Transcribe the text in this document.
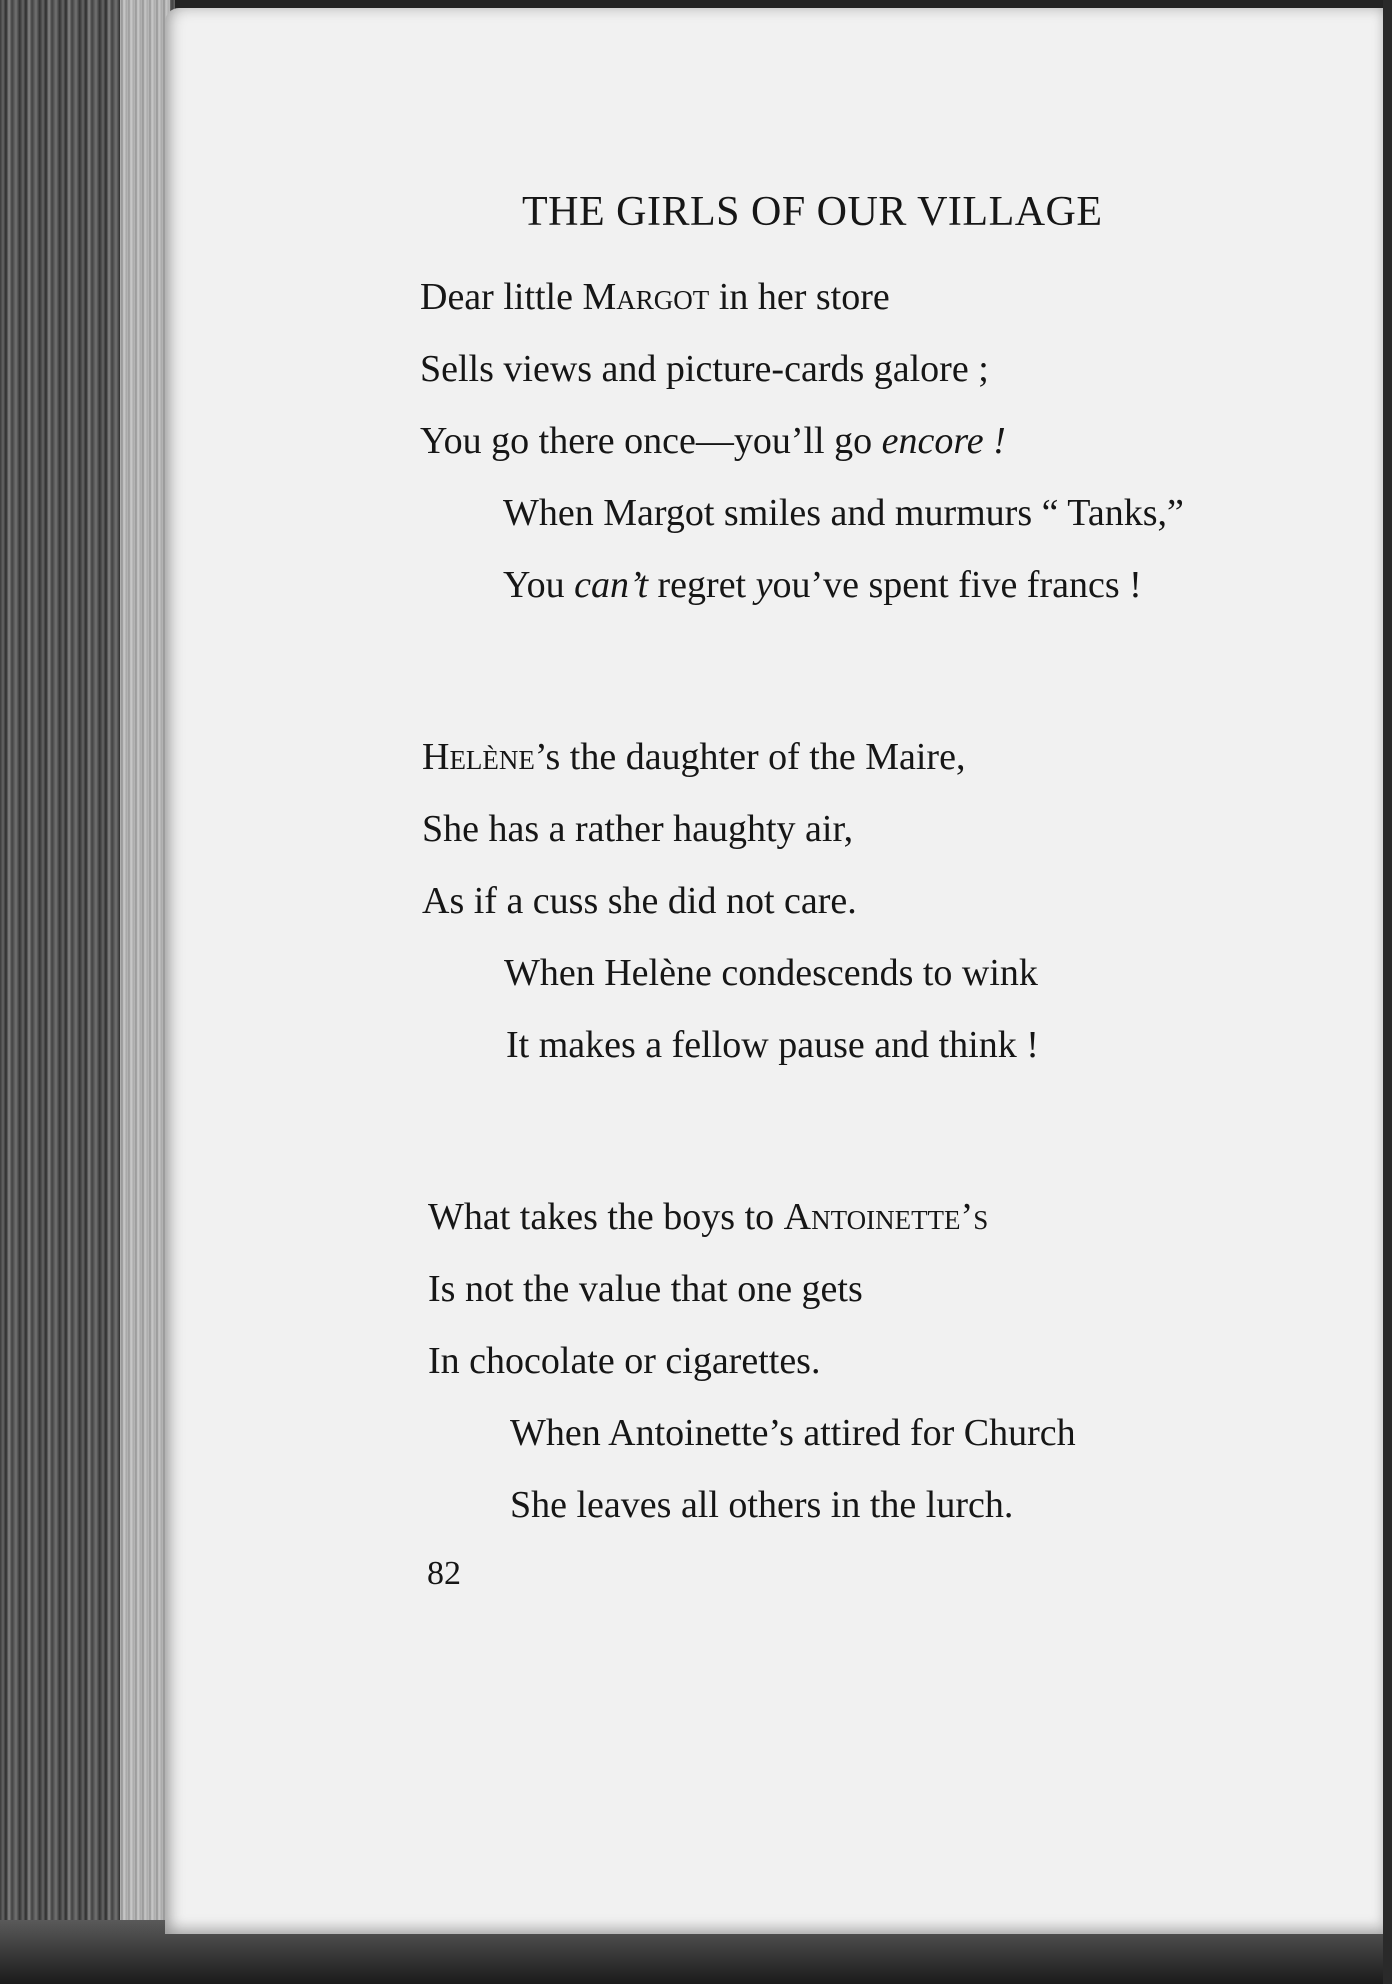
THE GIRLS OF OUR VILLAGE
Dear little Margot in her store
Sells views and picture-cards galore ;
You go there once—you’ll go encore !
When Margot smiles and murmurs “ Tanks,”
You can’t regret you’ve spent five francs !
Helène’s the daughter of the Maire,
She has a rather haughty air,
As if a cuss she did not care.
When Helène condescends to wink
It makes a fellow pause and think !
What takes the boys to Antoinette’s
Is not the value that one gets
In chocolate or cigarettes.
When Antoinette’s attired for Church
She leaves all others in the lurch.
82
